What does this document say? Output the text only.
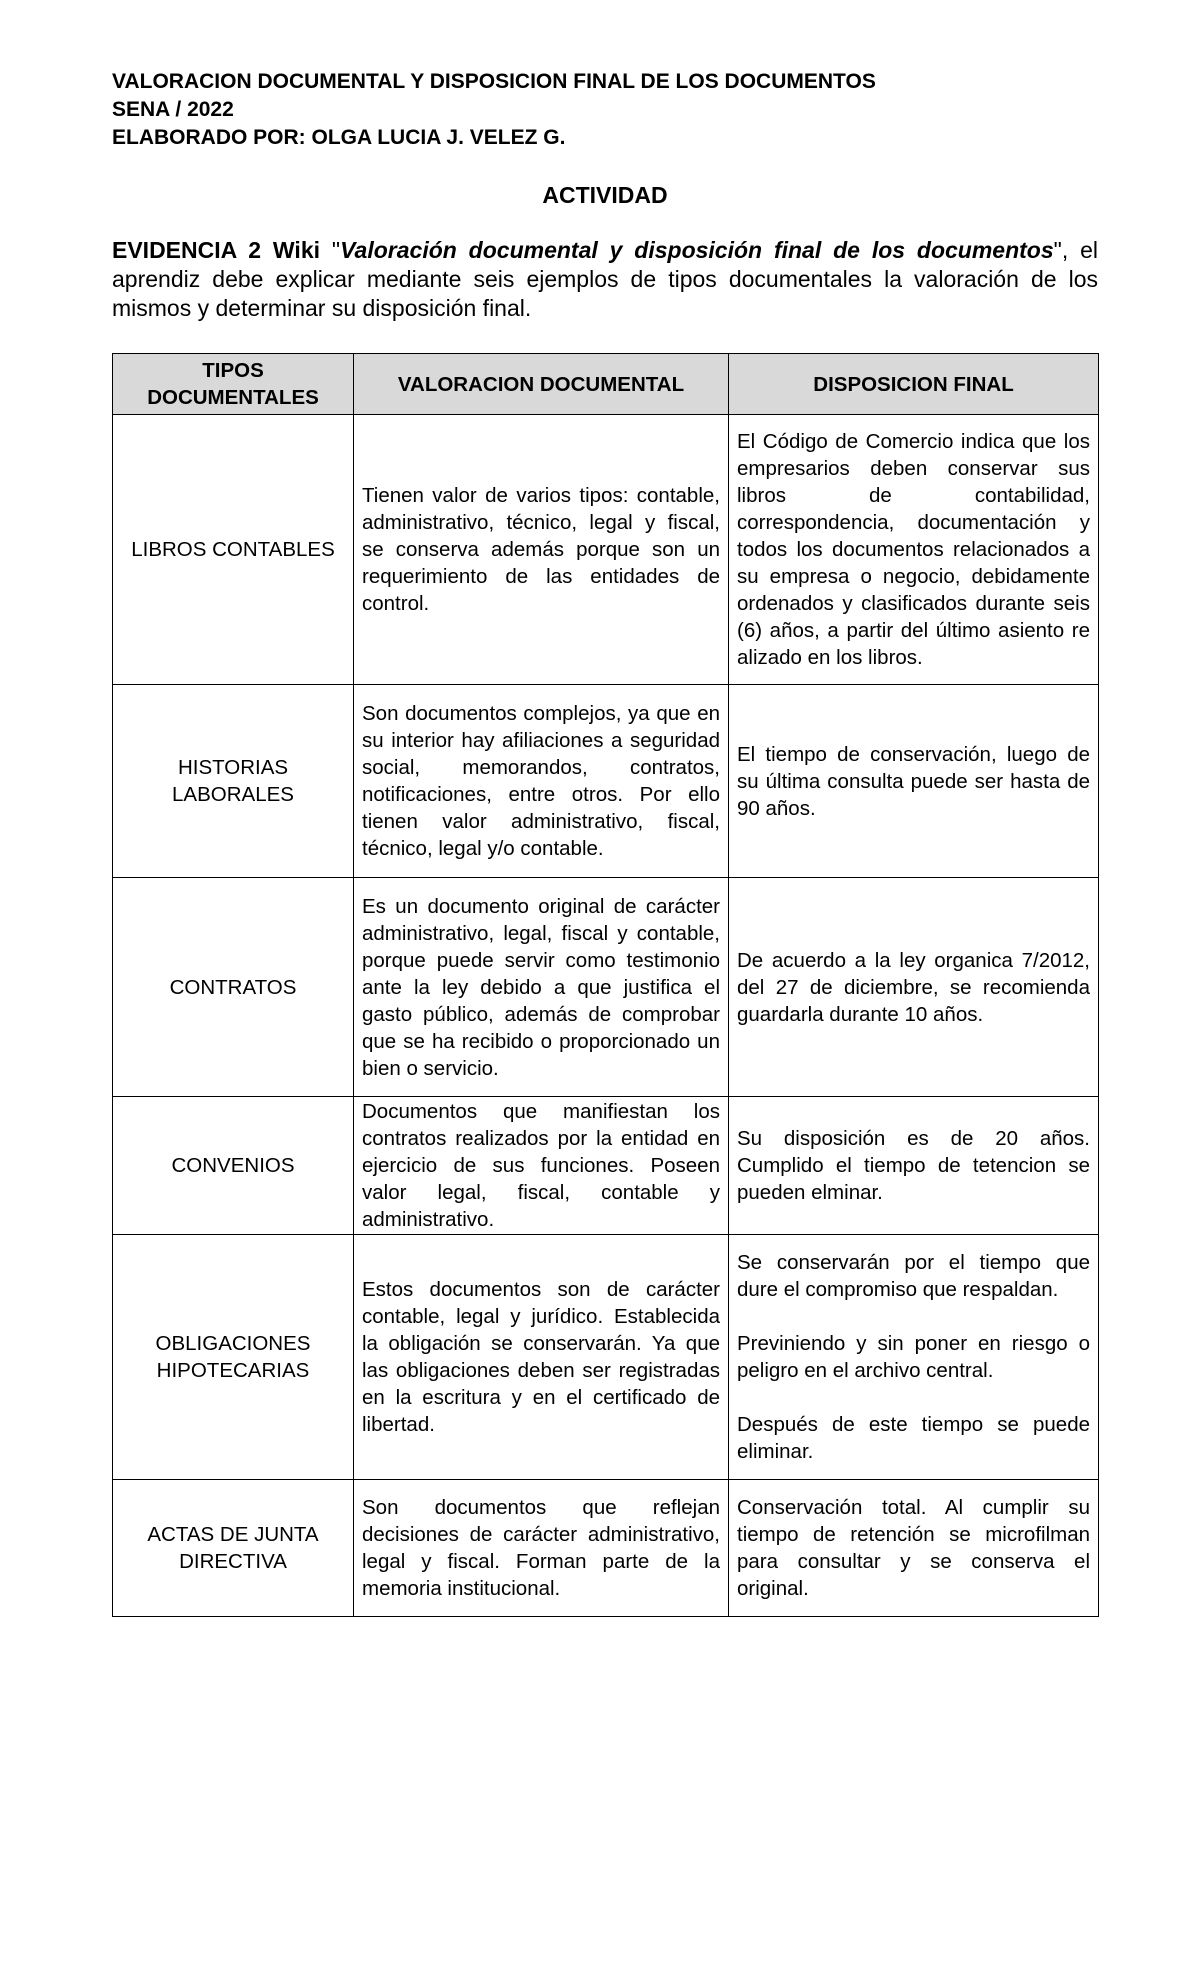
VALORACION DOCUMENTAL Y DISPOSICION FINAL DE LOS DOCUMENTOS

SENA / 2022

ELABORADO POR: OLGA LUCIA J. VELEZ G.

ACTIVIDAD

EVIDENCIA 2 Wiki "Valoración documental y disposición final de los documentos", el aprendiz debe explicar mediante seis ejemplos de tipos documentales la valoración de los mismos y determinar su disposición final.

TIPOS DOCUMENTALES	VALORACION DOCUMENTAL	DISPOSICION FINAL
LIBROS CONTABLES	Tienen valor de varios tipos: contable, administrativo, técnico, legal y fiscal, se conserva además porque son un requerimiento de las entidades de control.	El Código de Comercio indica que los empresarios deben conservar sus libros de contabilidad, correspondencia, documentación y todos los documentos relacionados a su empresa o negocio, debidamente ordenados y clasificados durante seis (6) años, a partir del último asiento re alizado en los libros.

HISTORIAS LABORALES	Son documentos complejos, ya que en su interior hay afiliaciones a seguridad social, memorandos, contratos, notificaciones, entre otros. Por ello tienen valor administrativo, fiscal, técnico, legal y/o contable.	El tiempo de conservación, luego de su última consulta puede ser hasta de 90 años.

CONTRATOS	Es un documento original de carácter administrativo, legal, fiscal y contable, porque puede servir como testimonio ante la ley debido a que justifica el gasto público, además de comprobar que se ha recibido o proporcionado un bien o servicio.	De acuerdo a la ley organica 7/2012, del 27 de diciembre, se recomienda guardarla durante 10 años.

CONVENIOS	Documentos que manifiestan los contratos realizados por la entidad en ejercicio de sus funciones. Poseen valor legal, fiscal, contable y administrativo.	Su disposición es de 20 años. Cumplido el tiempo de tetencion se pueden elminar.

OBLIGACIONES HIPOTECARIAS	Estos documentos son de carácter contable, legal y jurídico. Establecida la obligación se conservarán. Ya que las obligaciones deben ser registradas en la escritura y en el certificado de libertad.	Se conservarán por el tiempo que dure el compromiso que respaldan.

Previniendo y sin poner en riesgo o peligro en el archivo central.

Después de este tiempo se puede eliminar.

ACTAS DE JUNTA DIRECTIVA	Son documentos que reflejan decisiones de carácter administrativo, legal y fiscal. Forman parte de la memoria institucional.	Conservación total. Al cumplir su tiempo de retención se microfilman para consultar y se conserva el original.
